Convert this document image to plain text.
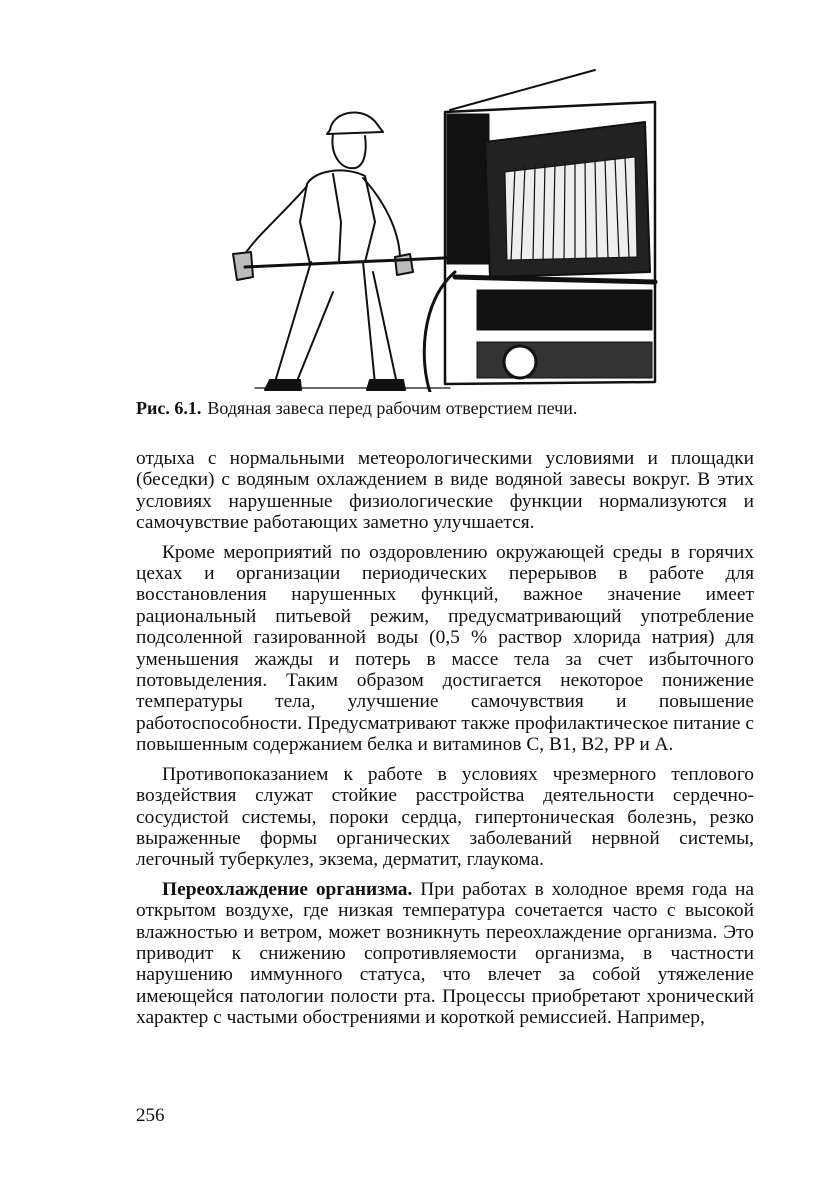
Рис. 6.1. Водяная завеса перед рабочим отверстием печи.

отдыха с нормальными метеорологическими условиями и площадки (беседки) с водяным охлаждением в виде водяной завесы вокруг. В этих условиях нарушенные физиологические функции нормализуются и самочувствие работающих заметно улучшается.

Кроме мероприятий по оздоровлению окружающей среды в горячих цехах и организации периодических перерывов в работе для восстановления нарушенных функций, важное значение имеет рациональный питьевой режим, предусматривающий употребление подсоленной газированной воды (0,5 % раствор хлорида натрия) для уменьшения жажды и потерь в массе тела за счет избыточного потовыделения. Таким образом достигается некоторое понижение температуры тела, улучшение самочувствия и повышение работоспособности. Предусматривают также профилактическое питание с повышенным содержанием белка и витаминов C, B1, B2, PP и A.

Противопоказанием к работе в условиях чрезмерного теплового воздействия служат стойкие расстройства деятельности сердечно-сосудистой системы, пороки сердца, гипертоническая болезнь, резко выраженные формы органических заболеваний нервной системы, легочный туберкулез, экзема, дерматит, глаукома.

Переохлаждение организма. При работах в холодное время года на открытом воздухе, где низкая температура сочетается часто с высокой влажностью и ветром, может возникнуть переохлаждение организма. Это приводит к снижению сопротивляемости организма, в частности нарушению иммунного статуса, что влечет за собой утяжеление имеющейся патологии полости рта. Процессы приобретают хронический характер с частыми обострениями и короткой ремиссией. Например,

256
